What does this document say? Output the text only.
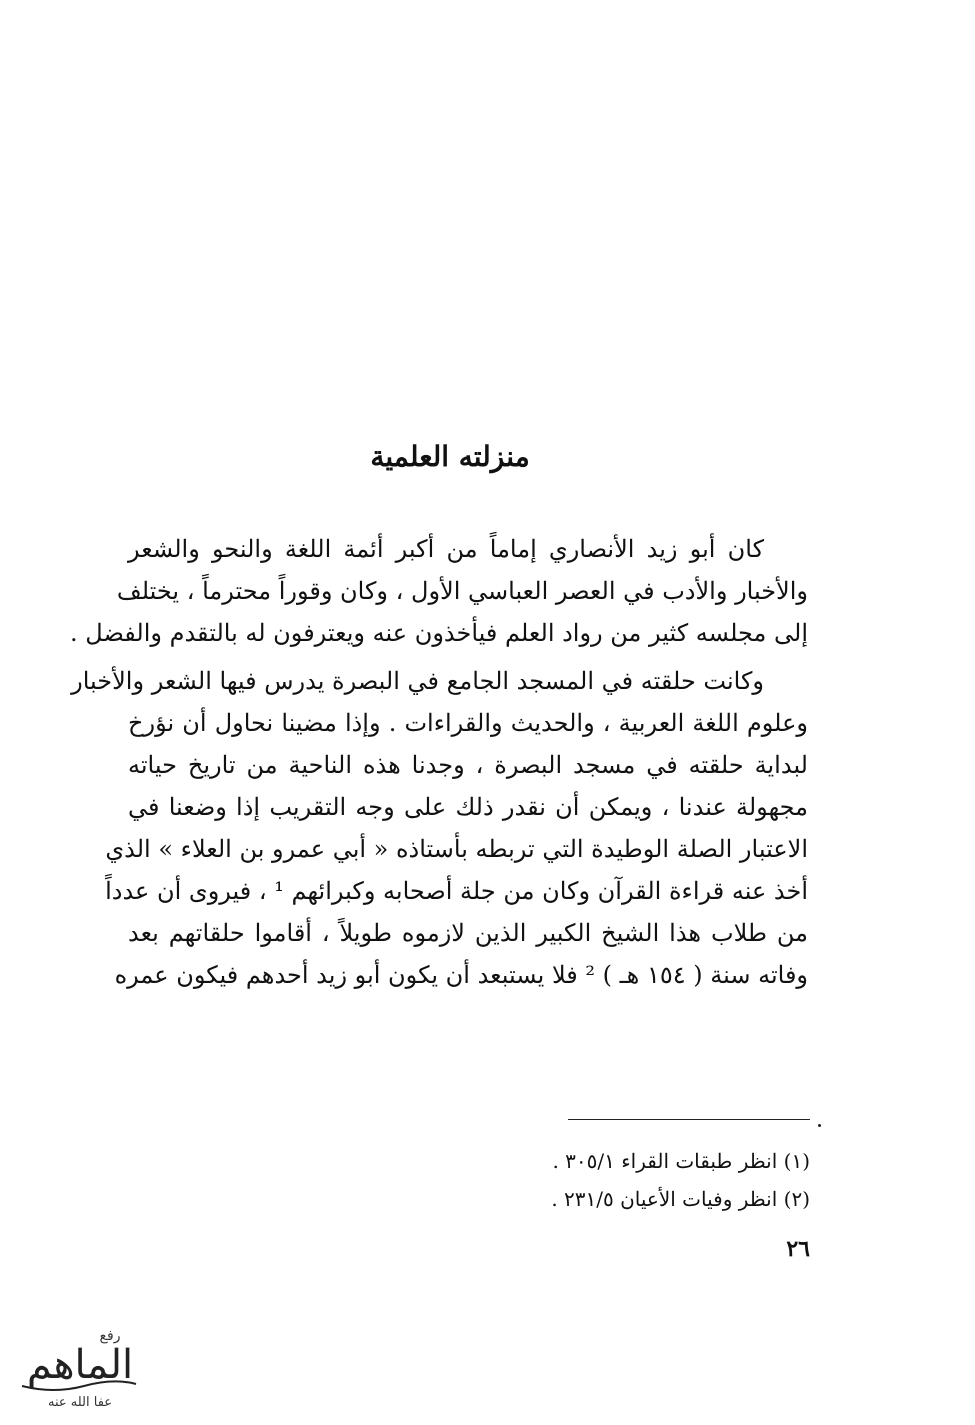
منزلته العلمية

كان أبو زيد الأنصاري إماماً من أكبر أئمة اللغة والنحو والشعر
والأخبار والأدب في العصر العباسي الأول ، وكان وقوراً محترماً ، يختلف
إلى مجلسه كثير من رواد العلم فيأخذون عنه ويعترفون له بالتقدم والفضل .

وكانت حلقته في المسجد الجامع في البصرة يدرس فيها الشعر والأخبار
وعلوم اللغة العربية ، والحديث والقراءات . وإذا مضينا نحاول أن نؤرخ
لبداية حلقته في مسجد البصرة ، وجدنا هذه الناحية من تاريخ حياته
مجهولة عندنا ، ويمكن أن نقدر ذلك على وجه التقريب إذا وضعنا في
الاعتبار الصلة الوطيدة التي تربطه بأستاذه « أبي عمرو بن العلاء » الذي
أخذ عنه قراءة القرآن وكان من جلة أصحابه وكبرائهم ¹ ، فيروى أن عدداً
من طلاب هذا الشيخ الكبير الذين لازموه طويلاً ، أقاموا حلقاتهم بعد
وفاته سنة ( ١٥٤ هـ ) ² فلا يستبعد أن يكون أبو زيد أحدهم فيكون عمره

(١) انظر طبقات القراء ٣٠٥/١ .
(٢) انظر وفيات الأعيان ٢٣١/٥ .
٢٦
رفع
الماهم
عفا الله عنه
